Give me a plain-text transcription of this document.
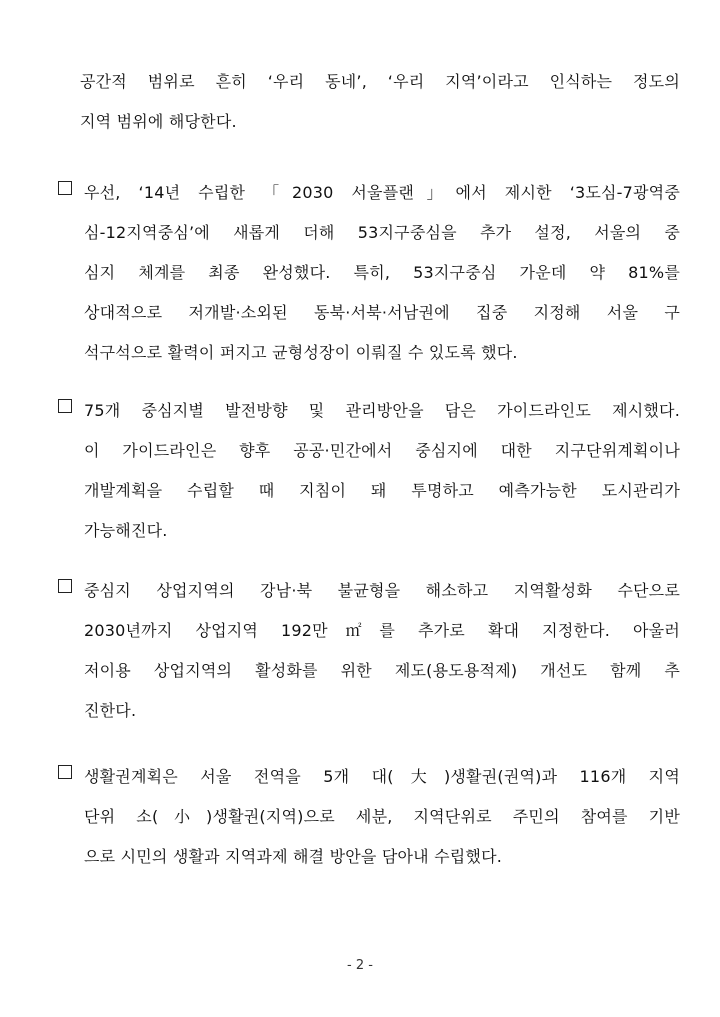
공간적 범위로 흔히 ‘우리 동네’, ‘우리 지역’이라고 인식하는 정도의
지역 범위에 해당한다.
우선, ‘14년 수립한 「2030 서울플랜」에서 제시한 ‘3도심-7광역중
심-12지역중심’에 새롭게 더해 53지구중심을 추가 설정, 서울의 중
심지 체계를 최종 완성했다. 특히, 53지구중심 가운데 약 81%를
상대적으로 저개발·소외된 동북·서북·서남권에 집중 지정해 서울 구
석구석으로 활력이 퍼지고 균형성장이 이뤄질 수 있도록 했다.
75개 중심지별 발전방향 및 관리방안을 담은 가이드라인도 제시했다.
이 가이드라인은 향후 공공·민간에서 중심지에 대한 지구단위계획이나
개발계획을 수립할 때 지침이 돼 투명하고 예측가능한 도시관리가
가능해진다.
중심지 상업지역의 강남·북 불균형을 해소하고 지역활성화 수단으로
2030년까지 상업지역 192만㎡를 추가로 확대 지정한다. 아울러
저이용 상업지역의 활성화를 위한 제도(용도용적제) 개선도 함께 추
진한다.
생활권계획은 서울 전역을 5개 대(大)생활권(권역)과 116개 지역
단위 소(小)생활권(지역)으로 세분, 지역단위로 주민의 참여를 기반
으로 시민의 생활과 지역과제 해결 방안을 담아내 수립했다.
- 2 -
